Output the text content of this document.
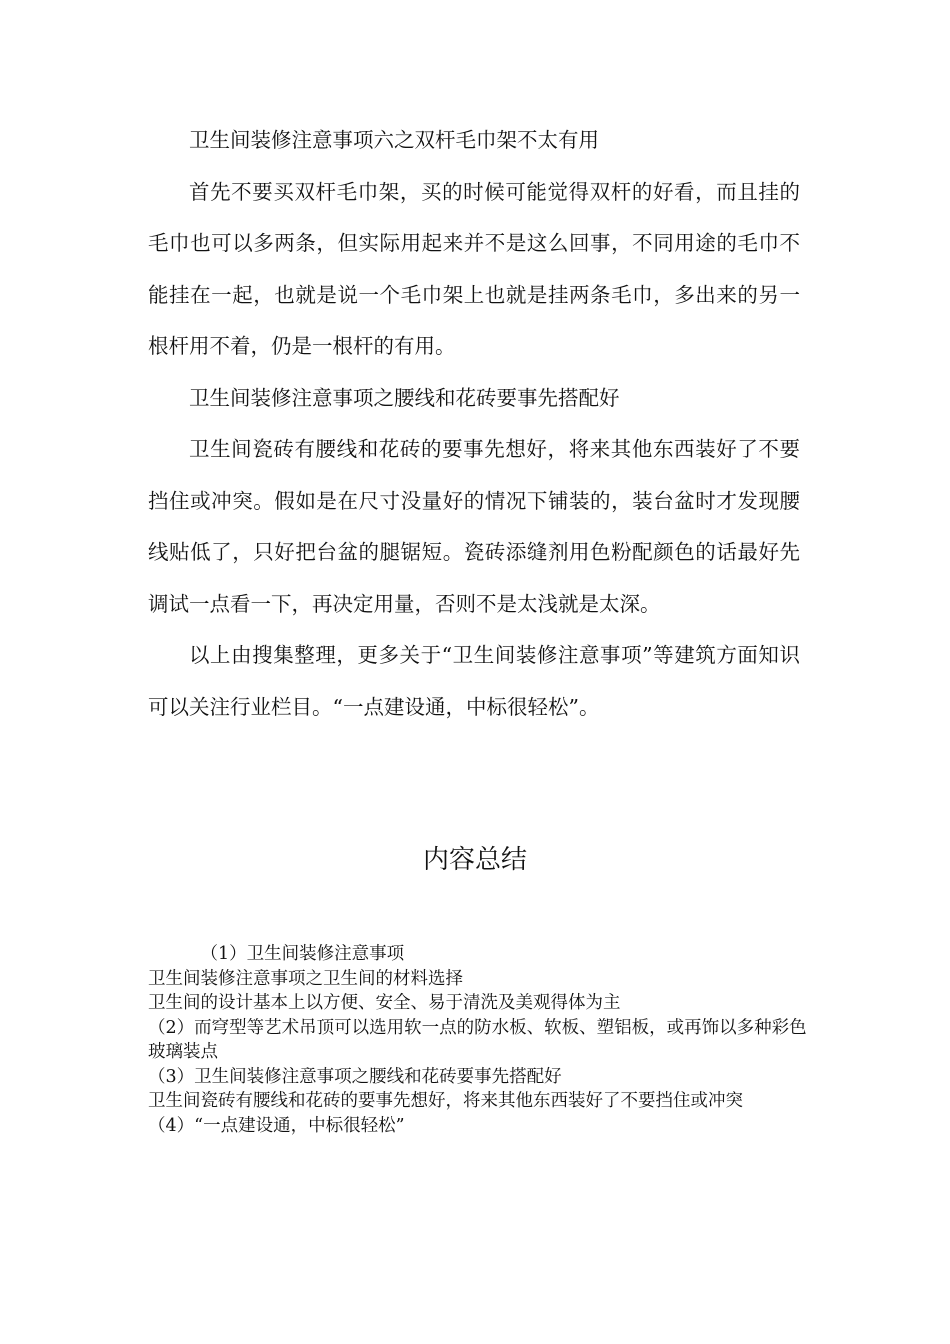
卫生间装修注意事项六之双杆毛巾架不太有用

首先不要买双杆毛巾架，买的时候可能觉得双杆的好看，而且挂的毛巾也可以多两条，但实际用起来并不是这么回事，不同用途的毛巾不能挂在一起，也就是说一个毛巾架上也就是挂两条毛巾，多出来的另一根杆用不着，仍是一根杆的有用。

卫生间装修注意事项之腰线和花砖要事先搭配好

卫生间瓷砖有腰线和花砖的要事先想好，将来其他东西装好了不要挡住或冲突。假如是在尺寸没量好的情况下铺装的，装台盆时才发现腰线贴低了，只好把台盆的腿锯短。瓷砖添缝剂用色粉配颜色的话最好先调试一点看一下，再决定用量，否则不是太浅就是太深。

以上由搜集整理，更多关于“卫生间装修注意事项”等建筑方面知识可以关注行业栏目。“一点建设通，中标很轻松”。

内容总结

（1）卫生间装修注意事项

卫生间装修注意事项之卫生间的材料选择

卫生间的设计基本上以方便、安全、易于清洗及美观得体为主

（2）而穹型等艺术吊顶可以选用软一点的防水板、软板、塑铝板，或再饰以多种彩色玻璃装点

（3）卫生间装修注意事项之腰线和花砖要事先搭配好

卫生间瓷砖有腰线和花砖的要事先想好，将来其他东西装好了不要挡住或冲突

（4）“一点建设通，中标很轻松”
